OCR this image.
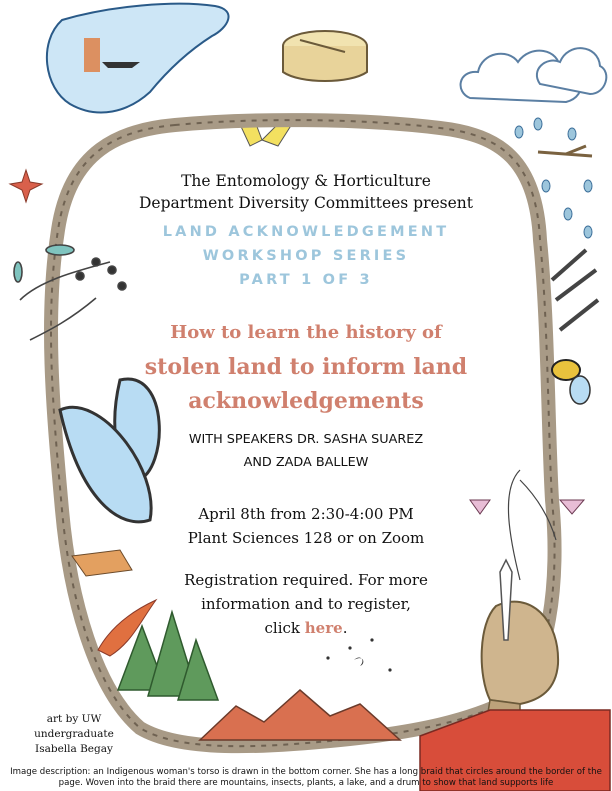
The Entomology & Horticulture
Department Diversity Committees present
LAND ACKNOWLEDGEMENT
WORKSHOP SERIES
PART 1 OF 3
How to learn the history of
stolen land to inform land
acknowledgements
WITH SPEAKERS DR. SASHA SUAREZ
AND ZADA BALLEW
April 8th from 2:30-4:00 PM
Plant Sciences 128 or on Zoom
Registration required. For more
information and to register,
click here.
art by UW
undergraduate
Isabella Begay
Image description: an Indigenous woman's torso is drawn in the bottom corner. She has a long braid that circles around the border of the page. Woven into the braid there are mountains, insects, plants, a lake, and a drum to show that land supports life
